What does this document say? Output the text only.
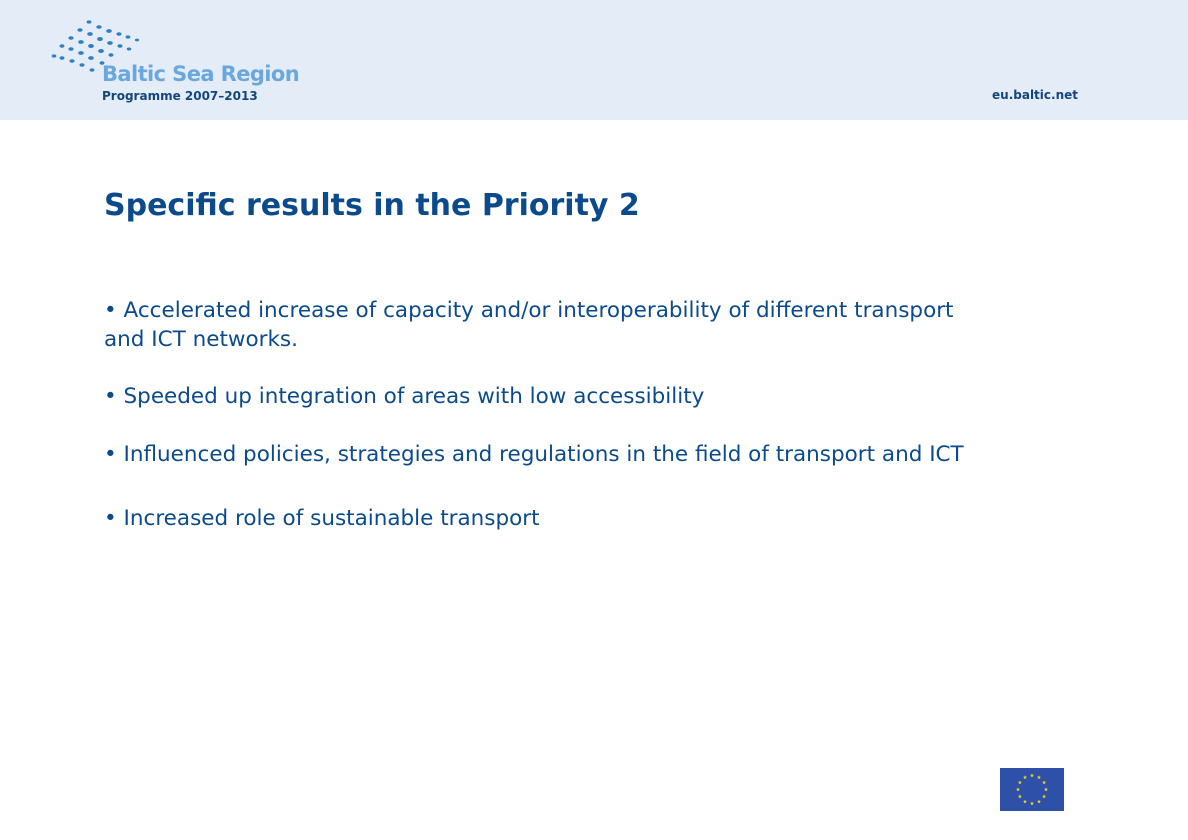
Baltic Sea Region
Programme 2007–2013	eu.baltic.net
Specific results in the Priority 2
• Accelerated increase of capacity and/or interoperability of different transport and ICT networks.
• Speeded up integration of areas with low accessibility
• Influenced policies, strategies and regulations in the field of transport and ICT
• Increased role of sustainable transport
